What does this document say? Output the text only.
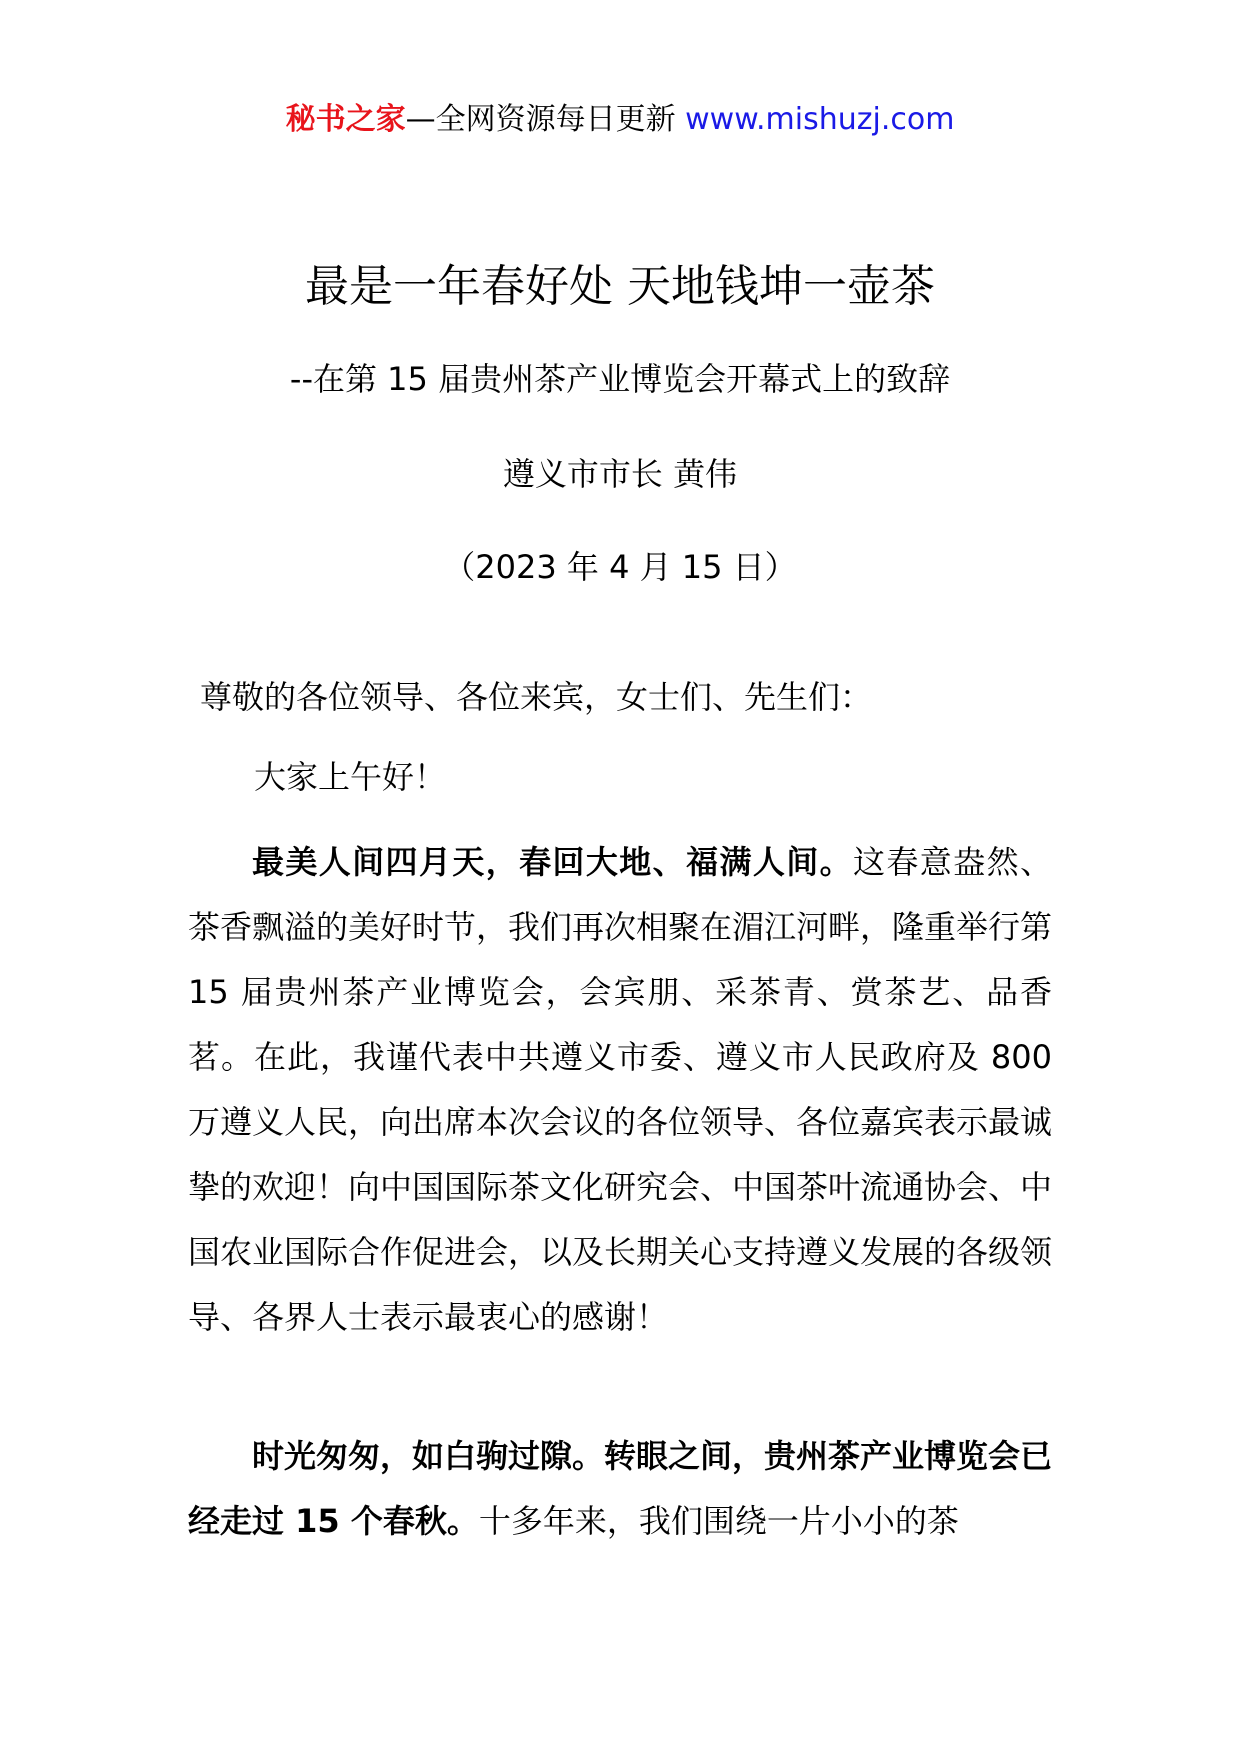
秘书之家—全网资源每日更新 www.mishuzj.com
最是一年春好处 天地钱坤一壶茶
--在第 15 届贵州茶产业博览会开幕式上的致辞
遵义市市长 黄伟
（2023 年 4 月 15 日）
尊敬的各位领导、各位来宾，女士们、先生们：
大家上午好！

最美人间四月天，春回大地、福满人间。这春意盎然、茶香飘溢的美好时节，我们再次相聚在湄江河畔，隆重举行第 15 届贵州茶产业博览会，会宾朋、采茶青、赏茶艺、品香茗。在此，我谨代表中共遵义市委、遵义市人民政府及 800 万遵义人民，向出席本次会议的各位领导、各位嘉宾表示最诚挚的欢迎！向中国国际茶文化研究会、中国茶叶流通协会、中国农业国际合作促进会，以及长期关心支持遵义发展的各级领导、各界人士表示最衷心的感谢！

时光匆匆，如白驹过隙。转眼之间，贵州茶产业博览会已经走过 15 个春秋。十多年来，我们围绕一片小小的茶
